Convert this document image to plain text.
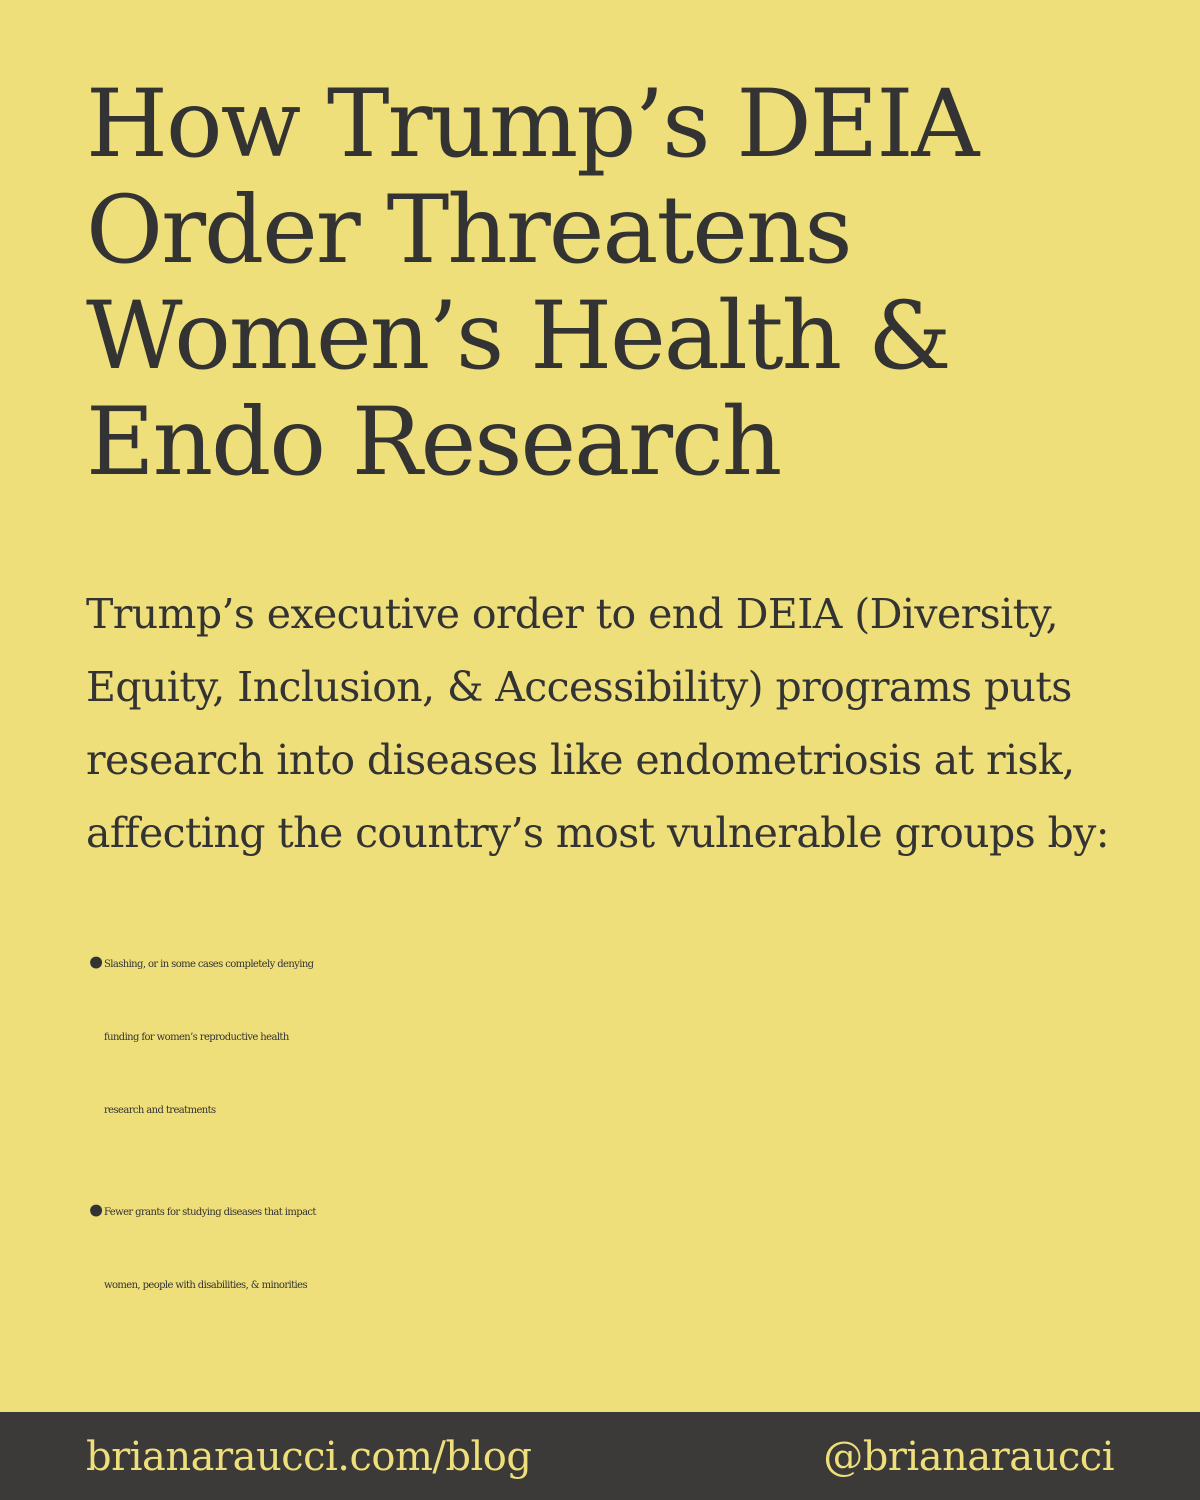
How Trump’s DEIA
Order Threatens
Women’s Health &
Endo Research

Trump’s executive order to end DEIA (Diversity,
Equity, Inclusion, & Accessibility) programs puts
research into diseases like endometriosis at risk,
affecting the country’s most vulnerable groups by:

•
Slashing, or in some cases completely denying
funding for women’s reproductive health
research and treatments
•
Fewer grants for studying diseases that impact
women, people with disabilities, & minorities
brianaraucci.com/blog	@brianaraucci
